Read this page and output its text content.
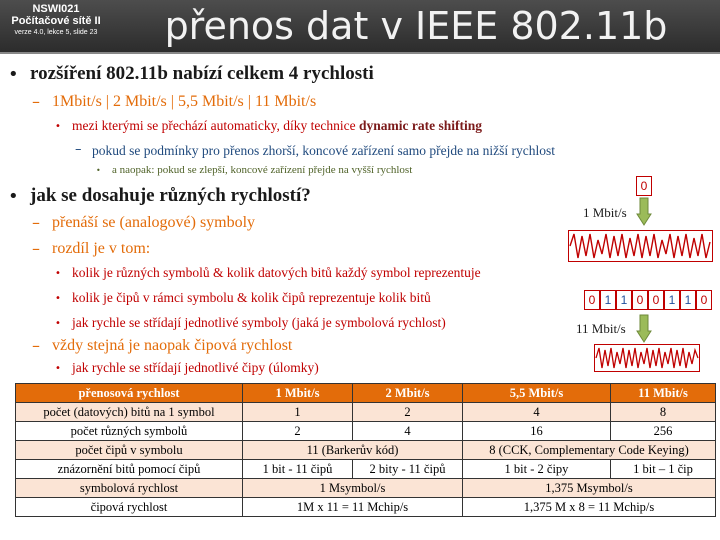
NSWI021
Počítačové sítě II
verze 4.0, lekce 5, slide 23	přenos dat v IEEE 802.11b
• rozšíření 802.11b nabízí celkem 4 rychlosti
– 1Mbit/s | 2 Mbit/s | 5,5 Mbit/s | 11 Mbit/s
• mezi kterými se přechází automaticky, díky technice dynamic rate shifting
– pokud se podmínky pro přenos zhorší, koncové zařízení samo přejde na nižší rychlost
• a naopak: pokud se zlepší, koncové zařízení přejde na vyšší rychlost
• jak se dosahuje různých rychlostí?
– přenáší se (analogové) symboly
– rozdíl je v tom:
• kolik je různých symbolů & kolik datových bitů každý symbol reprezentuje
• kolik je čipů v rámci symbolu & kolik čipů reprezentuje kolik bitů
• jak rychle se střídají jednotlivé symboly (jaká je symbolová rychlost)
– vždy stejná je naopak čipová rychlost
• jak rychle se střídají jednotlivé čipy (úlomky)
0
1 Mbit/s
0 1 1 0 0 1 1 0
11 Mbit/s
přenosová rychlost	1 Mbit/s	2 Mbit/s	5,5 Mbit/s	11 Mbit/s
počet (datových) bitů na 1 symbol	1	2	4	8
počet různých symbolů	2	4	16	256
počet čipů v symbolu	11 (Barkerův kód)		8 (CCK, Complementary Code Keying)	
znázornění bitů pomocí čipů	1 bit - 11 čipů	2 bity - 11 čipů	1 bit - 2 čipy	1 bit – 1 čip
symbolová rychlost	1 Msymbol/s		1,375 Msymbol/s	
čipová rychlost	1M x 11 = 11 Mchip/s		1,375 M x 8 = 11 Mchip/s	
